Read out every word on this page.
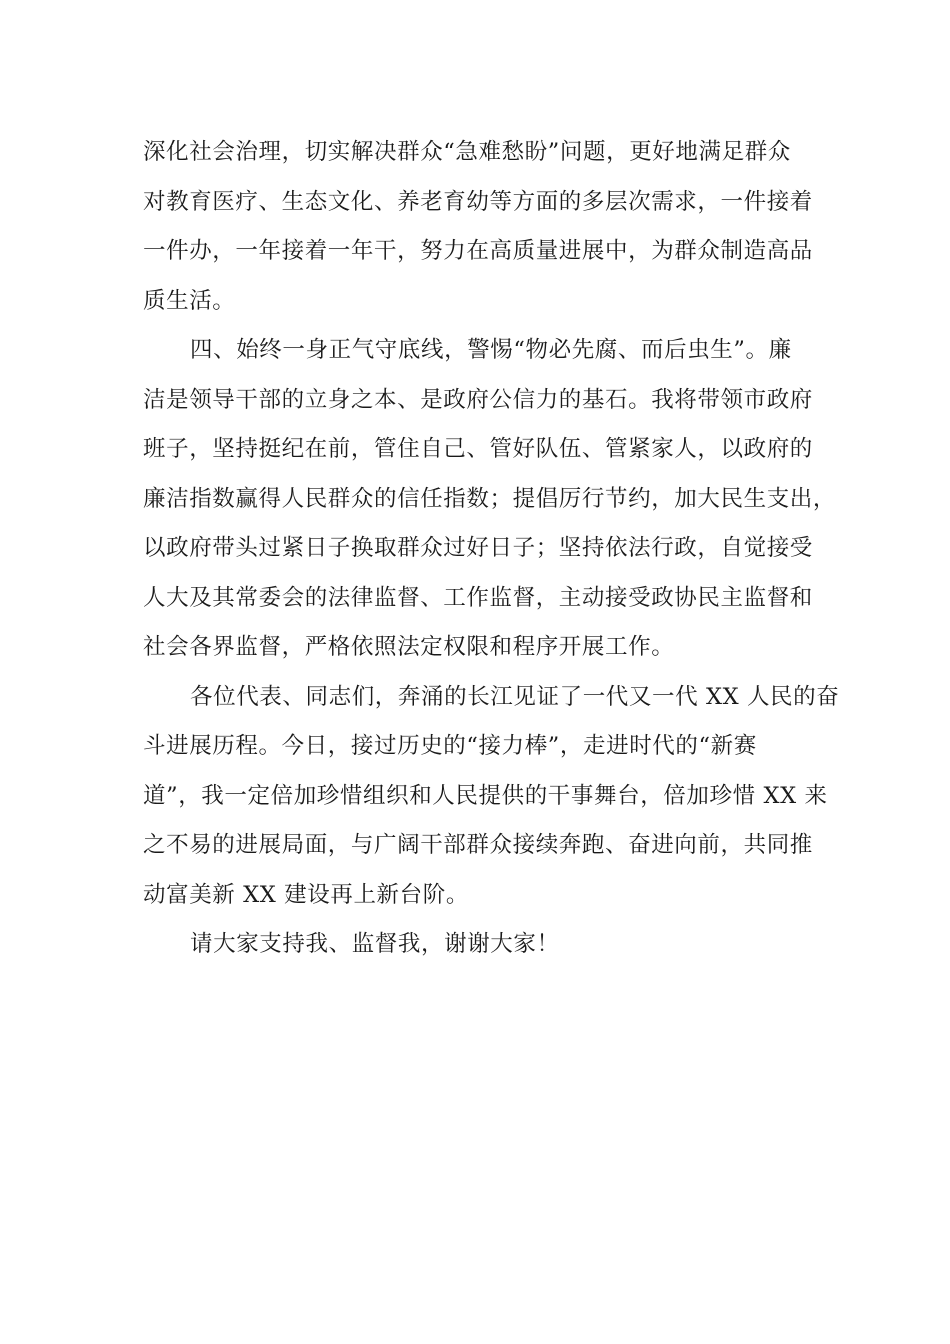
深化社会治理，切实解决群众“急难愁盼”问题，更好地满足群众
对教育医疗、生态文化、养老育幼等方面的多层次需求，一件接着
一件办，一年接着一年干，努力在高质量进展中，为群众制造高品
质生活。
四、始终一身正气守底线，警惕“物必先腐、而后虫生”。廉
洁是领导干部的立身之本、是政府公信力的基石。我将带领市政府
班子，坚持挺纪在前，管住自己、管好队伍、管紧家人，以政府的
廉洁指数赢得人民群众的信任指数；提倡厉行节约，加大民生支出，
以政府带头过紧日子换取群众过好日子；坚持依法行政，自觉接受
人大及其常委会的法律监督、工作监督，主动接受政协民主监督和
社会各界监督，严格依照法定权限和程序开展工作。
各位代表、同志们，奔涌的长江见证了一代又一代 XX 人民的奋
斗进展历程。今日，接过历史的“接力棒”，走进时代的“新赛
道”，我一定倍加珍惜组织和人民提供的干事舞台，倍加珍惜 XX 来
之不易的进展局面，与广阔干部群众接续奔跑、奋进向前，共同推
动富美新 XX 建设再上新台阶。
请大家支持我、监督我，谢谢大家！
